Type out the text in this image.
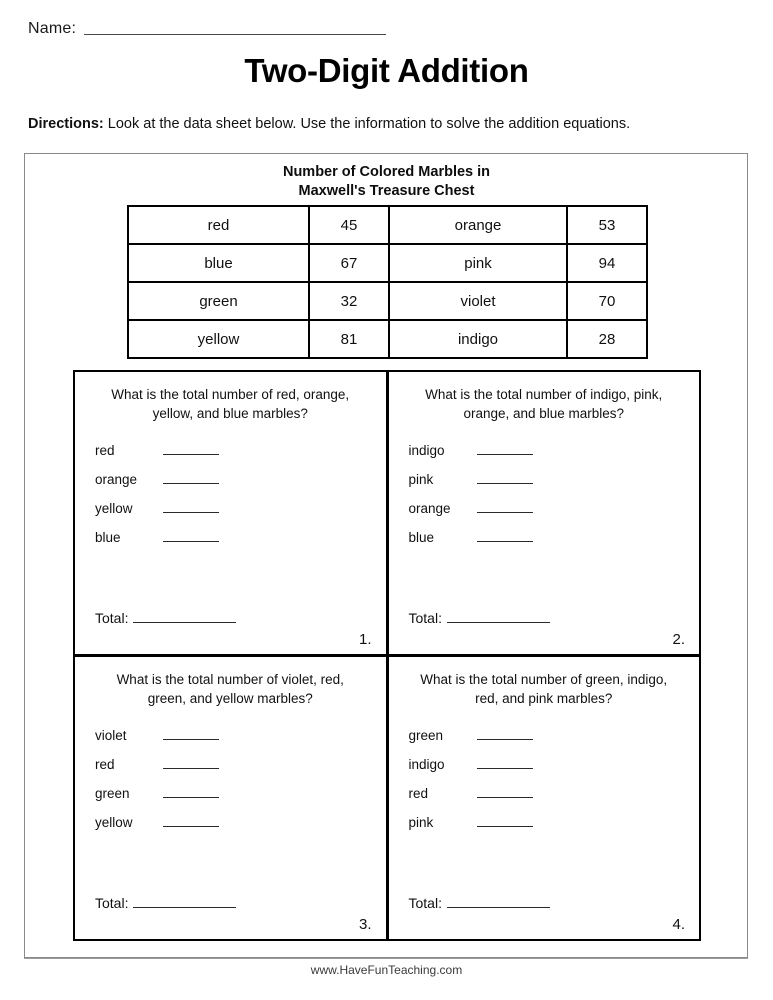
Name:
Two-Digit Addition
Directions: Look at the data sheet below. Use the information to solve the addition equations.
Number of Colored Marbles in
Maxwell's Treasure Chest
red	45	orange	53
blue	67	pink	94
green	32	violet	70
yellow	81	indigo	28
What is the total number of red, orange,
yellow, and blue marbles?
red
orange
yellow
blue
Total:
1.
What is the total number of indigo, pink,
orange, and blue marbles?
indigo
pink
orange
blue
Total:
2.
What is the total number of violet, red,
green, and yellow marbles?
violet
red
green
yellow
Total:
3.
What is the total number of green, indigo,
red, and pink marbles?
green
indigo
red
pink
Total:
4.
www.HaveFunTeaching.com
